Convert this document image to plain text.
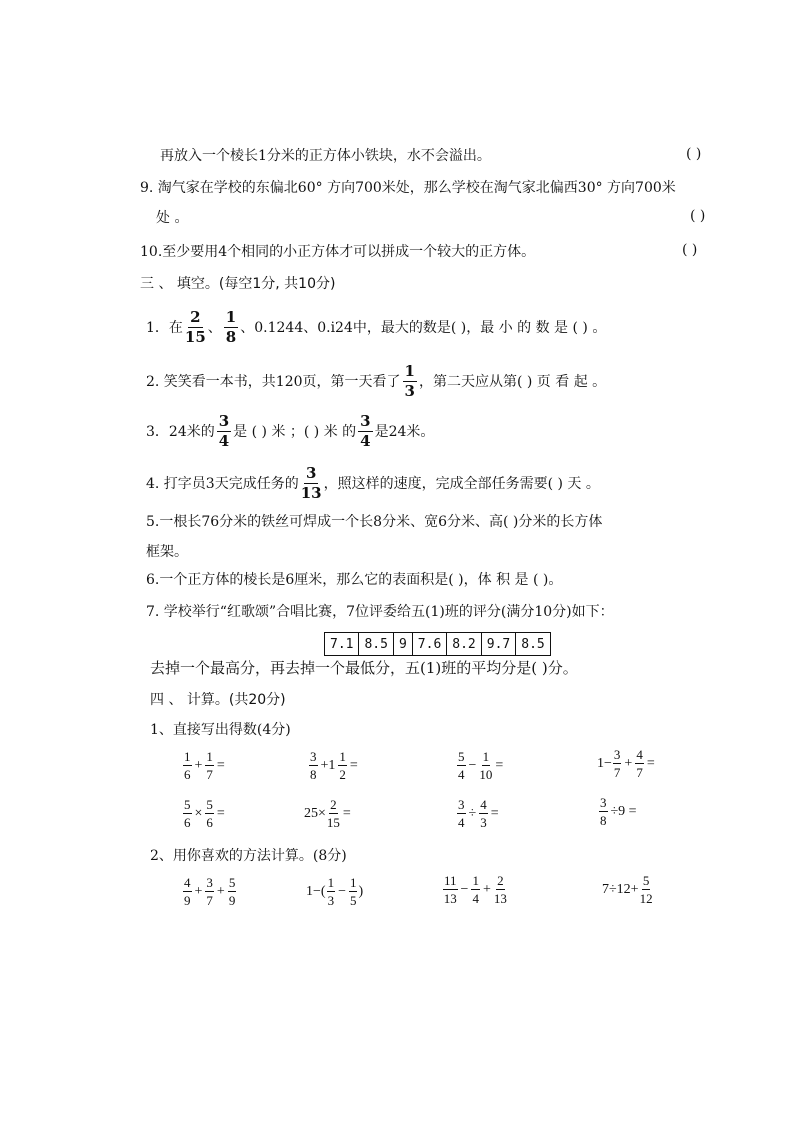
再放入一个棱长1分米的正方体小铁块，水不会溢出。	( )
9. 淘气家在学校的东偏北60° 方向700米处，那么学校在淘气家北偏西30° 方向700米
处 。	( )
10.至少要用4个相同的小正方体才可以拼成一个较大的正方体。	( )
三 、 填空。(每空1分, 共10分)
1．在 $\frac{2}{15}$ 、 $\frac{1}{8}$ 、0.1244、0.i24中，最大的数是( )，最 小 的 数 是 ( ) 。
2. 笑笑看一本书，共120页，第一天看了 $\frac{1}{3}$ ，第二天应从第( ) 页 看 起 。
3．24米的 $\frac{3}{4}$ 是 ( ) 米 ；( ) 米 的 $\frac{3}{4}$ 是24米。
4. 打字员3天完成任务的 $\frac{3}{13}$ ，照这样的速度，完成全部任务需要( ) 天 。
5.一根长76分米的铁丝可焊成一个长8分米、宽6分米、高( )分米的长方体
框架。
6.一个正方体的棱长是6厘米，那么它的表面积是( )，体 积 是 ( )。
7. 学校举行“红歌颂”合唱比赛，7位评委给五(1)班的评分(满分10分)如下：
7.1	8.5	9	7.6	8.2	9.7	8.5
去掉一个最高分，再去掉一个最低分，五(1)班的平均分是( )分。
四 、 计算。(共20分)
1、直接写出得数(4分)
$\frac{1}{6} + \frac{1}{7}$ =	$\frac{3}{8} +1 \frac{1}{2}$ =	$\frac{5}{4} - \frac{1}{10}$ =	$1- \frac{3}{7} + \frac{4}{7}$ =
$\frac{5}{6} \times \frac{5}{6}$ =	$25\times \frac{2}{15}$ =	$\frac{3}{4} \div \frac{4}{3}$ =	$\frac{3}{8} \div 9$ =
2、用你喜欢的方法计算。(8分)
$\frac{4}{9} + \frac{3}{7} + \frac{5}{9}$	$1-( \frac{1}{3} - \frac{1}{5}$ )	$\frac{11}{13} - \frac{1}{4} + \frac{2}{13}$	$7\div 12+ \frac{5}{12}$
